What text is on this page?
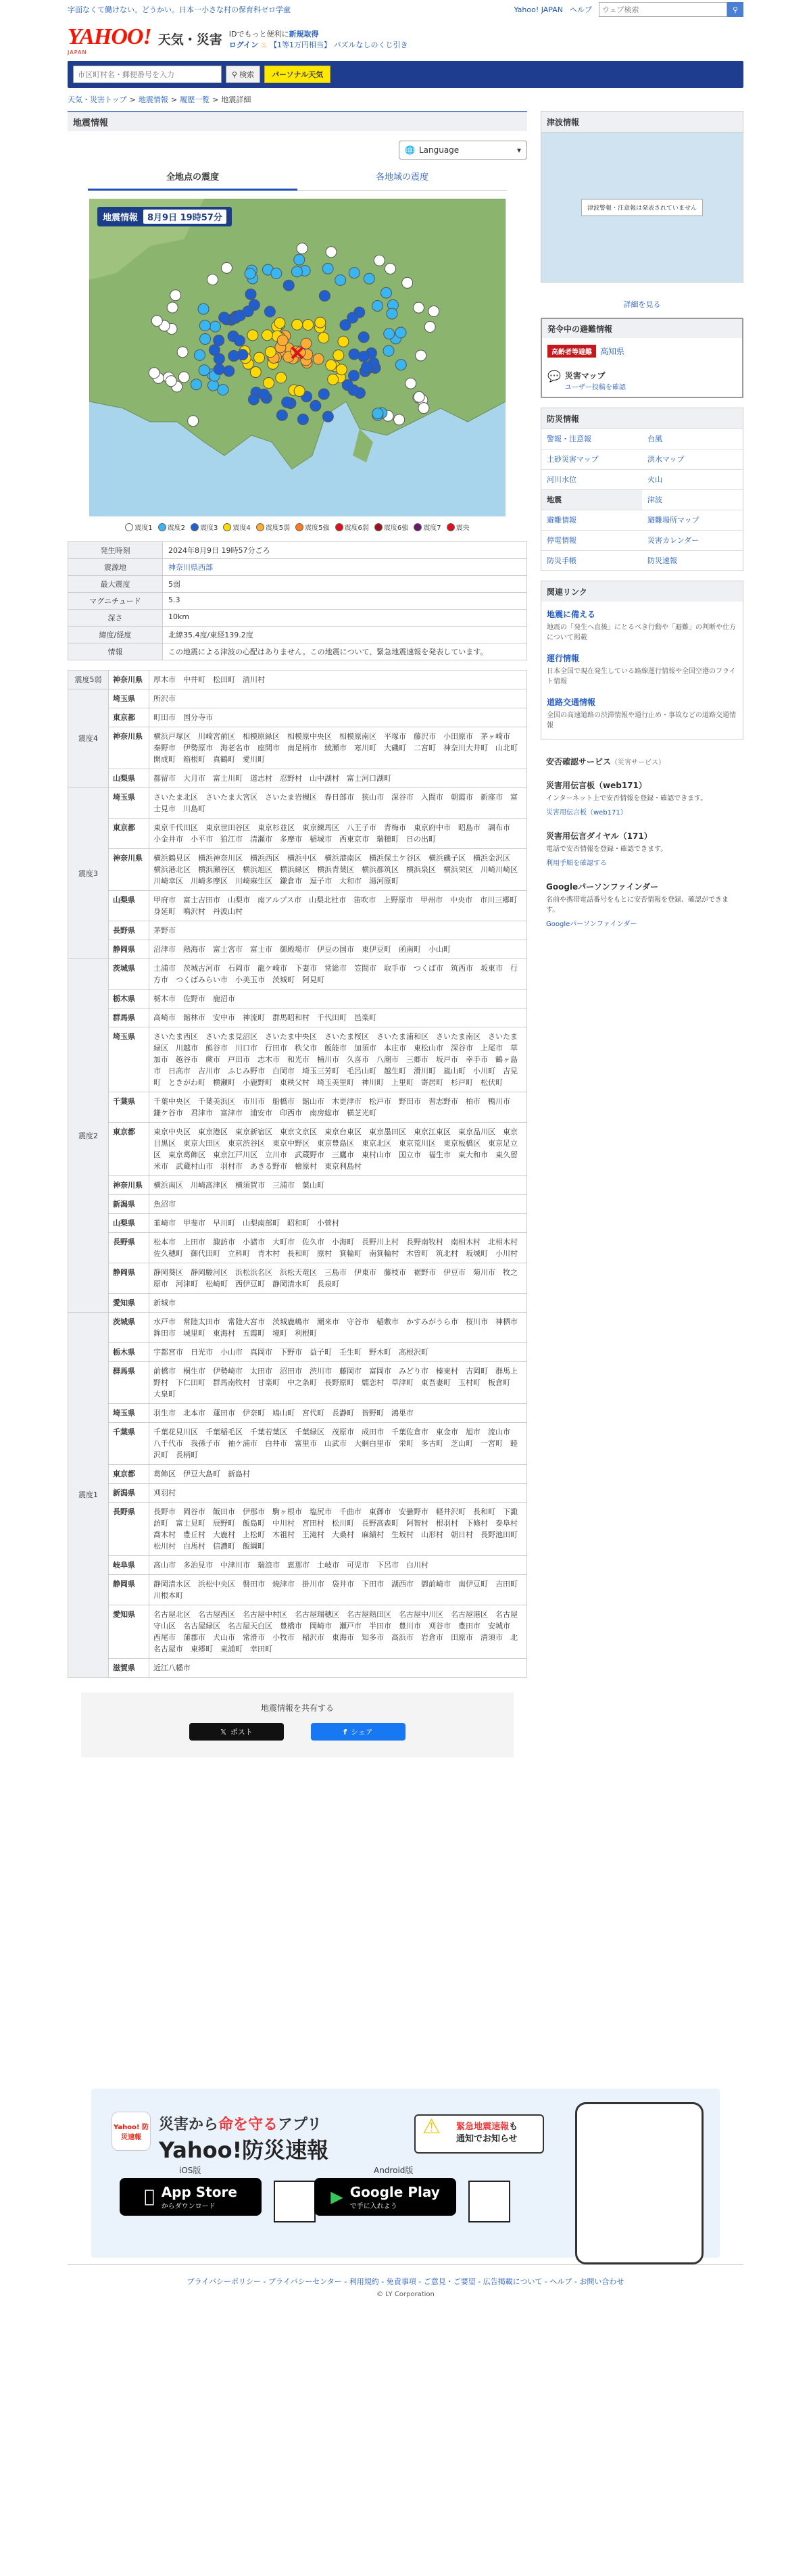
字面なくて働けない。どうかい。日本一小さな村の保育科ゼロ学童	Yahoo! JAPAN ヘルプ
ウェブ検索	⚲
YAHOO!
JAPAN
天気・災害 IDでもっと便利に新規取得
ログイン ♨ 【1等1万円相当】 パズルなしのくじ引き
市区町村名・郵便番号を入力
⚲ 検索	パーソナル天気
天気・災害トップ > 地震情報 > 履歴一覧 > 地震詳細
地震情報
🌐 Language	▾
全地点の震度	各地域の震度
地震情報	8月9日 19時57分
震度1 震度2 震度3 震度4 震度5弱 震度5強 震度6弱 震度6強 震度7 震央
発生時刻	2024年8月9日 19時57分ごろ
震源地	神奈川県西部
最大震度	5弱
マグニチュード	5.3
深さ	10km
緯度/経度	北緯35.4度/東経139.2度
情報	この地震による津波の心配はありません。この地震について、緊急地震速報を発表しています。
震度5弱	神奈川県	厚木市　中井町　松田町　清川村
震度4	埼玉県	所沢市
	東京都	町田市　国分寺市
	神奈川県	横浜戸塚区　川崎宮前区　相模原緑区　相模原中央区　相模原南区　平塚市　藤沢市　小田原市　茅ヶ崎市　秦野市　伊勢原市　海老名市　座間市　南足柄市　綾瀬市　寒川町　大磯町　二宮町　神奈川大井町　山北町　開成町　箱根町　真鶴町　愛川町
	山梨県	都留市　大月市　富士川町　道志村　忍野村　山中湖村　富士河口湖町
震度3	埼玉県	さいたま北区　さいたま大宮区　さいたま岩槻区　春日部市　狭山市　深谷市　入間市　朝霞市　新座市　富士見市　川島町
	東京都	東京千代田区　東京世田谷区　東京杉並区　東京練馬区　八王子市　青梅市　東京府中市　昭島市　調布市　小金井市　小平市　狛江市　清瀬市　多摩市　稲城市　西東京市　瑞穂町　日の出町
	神奈川県	横浜鶴見区　横浜神奈川区　横浜西区　横浜中区　横浜港南区　横浜保土ケ谷区　横浜磯子区　横浜金沢区　横浜港北区　横浜瀬谷区　横浜旭区　横浜緑区　横浜青葉区　横浜都筑区　横浜泉区　横浜栄区　川崎川崎区　川崎幸区　川崎多摩区　川崎麻生区　鎌倉市　逗子市　大和市　湯河原町
	山梨県	甲府市　富士吉田市　山梨市　南アルプス市　山梨北杜市　笛吹市　上野原市　甲州市　中央市　市川三郷町　身延町　鳴沢村　丹波山村
	長野県	茅野市
	静岡県	沼津市　熱海市　富士宮市　富士市　御殿場市　伊豆の国市　東伊豆町　函南町　小山町
震度2	茨城県	土浦市　茨城古河市　石岡市　龍ケ崎市　下妻市　常総市　笠間市　取手市　つくば市　筑西市　坂東市　行方市　つくばみらい市　小美玉市　茨城町　阿見町
	栃木県	栃木市　佐野市　鹿沼市
	群馬県	高崎市　館林市　安中市　神流町　群馬昭和村　千代田町　邑楽町
	埼玉県	さいたま西区　さいたま見沼区　さいたま中央区　さいたま桜区　さいたま浦和区　さいたま南区　さいたま緑区　川越市　熊谷市　川口市　行田市　秩父市　飯能市　加須市　本庄市　東松山市　深谷市　上尾市　草加市　越谷市　蕨市　戸田市　志木市　和光市　桶川市　久喜市　八潮市　三郷市　坂戸市　幸手市　鶴ヶ島市　日高市　吉川市　ふじみ野市　白岡市　埼玉三芳町　毛呂山町　越生町　滑川町　嵐山町　小川町　吉見町　ときがわ町　横瀬町　小鹿野町　東秩父村　埼玉美里町　神川町　上里町　寄居町　杉戸町　松伏町
	千葉県	千葉中央区　千葉美浜区　市川市　船橋市　館山市　木更津市　松戸市　野田市　習志野市　柏市　鴨川市　鎌ケ谷市　君津市　富津市　浦安市　印西市　南房総市　横芝光町
	東京都	東京中央区　東京港区　東京新宿区　東京文京区　東京台東区　東京墨田区　東京江東区　東京品川区　東京目黒区　東京大田区　東京渋谷区　東京中野区　東京豊島区　東京北区　東京荒川区　東京板橋区　東京足立区　東京葛飾区　東京江戸川区　立川市　武蔵野市　三鷹市　東村山市　国立市　福生市　東大和市　東久留米市　武蔵村山市　羽村市　あきる野市　檜原村　東京利島村
	神奈川県	横浜南区　川崎高津区　横須賀市　三浦市　葉山町
	新潟県	魚沼市
	山梨県	韮崎市　甲斐市　早川町　山梨南部町　昭和町　小菅村
	長野県	松本市　上田市　諏訪市　小諸市　大町市　佐久市　小海町　長野川上村　長野南牧村　南相木村　北相木村　佐久穂町　御代田町　立科町　青木村　長和町　原村　箕輪町　南箕輪村　木曽町　筑北村　坂城町　小川村
	静岡県	静岡葵区　静岡駿河区　浜松浜名区　浜松天竜区　三島市　伊東市　藤枝市　裾野市　伊豆市　菊川市　牧之原市　河津町　松崎町　西伊豆町　静岡清水町　長泉町
	愛知県	新城市
震度1	茨城県	水戸市　常陸太田市　常陸大宮市　茨城鹿嶋市　潮来市　守谷市　稲敷市　かすみがうら市　桜川市　神栖市　鉾田市　城里町　東海村　五霞町　境町　利根町
	栃木県	宇都宮市　日光市　小山市　真岡市　下野市　益子町　壬生町　野木町　高根沢町
	群馬県	前橋市　桐生市　伊勢崎市　太田市　沼田市　渋川市　藤岡市　富岡市　みどり市　榛東村　吉岡町　群馬上野村　下仁田町　群馬南牧村　甘楽町　中之条町　長野原町　嬬恋村　草津町　東吾妻町　玉村町　板倉町　大泉町
	埼玉県	羽生市　北本市　蓮田市　伊奈町　鳩山町　宮代町　長瀞町　皆野町　鴻巣市
	千葉県	千葉花見川区　千葉稲毛区　千葉若葉区　千葉緑区　茂原市　成田市　千葉佐倉市　東金市　旭市　流山市　八千代市　我孫子市　袖ケ浦市　白井市　富里市　山武市　大網白里市　栄町　多古町　芝山町　一宮町　睦沢町　長柄町
	東京都	葛飾区　伊豆大島町　新島村
	新潟県	刈羽村
	長野県	長野市　岡谷市　飯田市　伊那市　駒ヶ根市　塩尻市　千曲市　東御市　安曇野市　軽井沢町　長和町　下諏訪町　富士見町　辰野町　飯島町　中川村　宮田村　松川町　長野高森町　阿智村　根羽村　下條村　泰阜村　喬木村　豊丘村　大鹿村　上松町　木祖村　王滝村　大桑村　麻績村　生坂村　山形村　朝日村　長野池田町　松川村　白馬村　信濃町　飯綱町
	岐阜県	高山市　多治見市　中津川市　瑞浪市　恵那市　土岐市　可児市　下呂市　白川村
	静岡県	静岡清水区　浜松中央区　磐田市　焼津市　掛川市　袋井市　下田市　湖西市　御前崎市　南伊豆町　吉田町　川根本町
	愛知県	名古屋北区　名古屋西区　名古屋中村区　名古屋瑞穂区　名古屋熱田区　名古屋中川区　名古屋港区　名古屋守山区　名古屋緑区　名古屋天白区　豊橋市　岡崎市　瀬戸市　半田市　豊川市　刈谷市　豊田市　安城市　西尾市　蒲郡市　犬山市　常滑市　小牧市　稲沢市　東海市　知多市　高浜市　岩倉市　田原市　清須市　北名古屋市　東郷町　東浦町　幸田町
	滋賀県	近江八幡市
地震情報を共有する
𝕏 ポスト	f シェア
津波情報
津波警報・注意報は発表されていません
詳細を見る
発令中の避難情報
高齢者等避難	高知県
💬 災害マップ
ユーザー投稿を確認
防災情報
警報・注意報	台風
土砂災害マップ	洪水マップ
河川水位	火山
地震	津波
避難情報	避難場所マップ
停電情報	災害カレンダー
防災手帳	防災速報
関連リンク
地震に備える
地震の「発生へ直後」にとるべき行動や「避難」の判断や仕方について掲載
運行情報
日本全国で現在発生している路線運行情報や全国空港のフライト情報
道路交通情報
全国の高速道路の渋滞情報や通行止め・事故などの道路交通情報
安否確認サービス（災害サービス）
災害用伝言板（web171）
インターネット上で安否情報を登録・確認できます。
災害用伝言板（web171）
災害用伝言ダイヤル（171）
電話で安否情報を登録・確認できます。
利用手順を確認する
Googleパーソンファインダー
名前や携帯電話番号をもとに安否情報を登録、確認ができます。
Googleパーソンファインダー
Yahoo! 防災速報
災害から命を守るアプリ
Yahoo!防災速報
⚠ 緊急地震速報も
通知でお知らせ
iOS版	Android版
App Store
からダウンロード	▶ Google Play
で手に入れよう
プライバシーポリシー - プライバシーセンター - 利用規約 - 免責事項 - ご意見・ご要望 - 広告掲載について - ヘルプ - お問い合わせ
© LY Corporation
